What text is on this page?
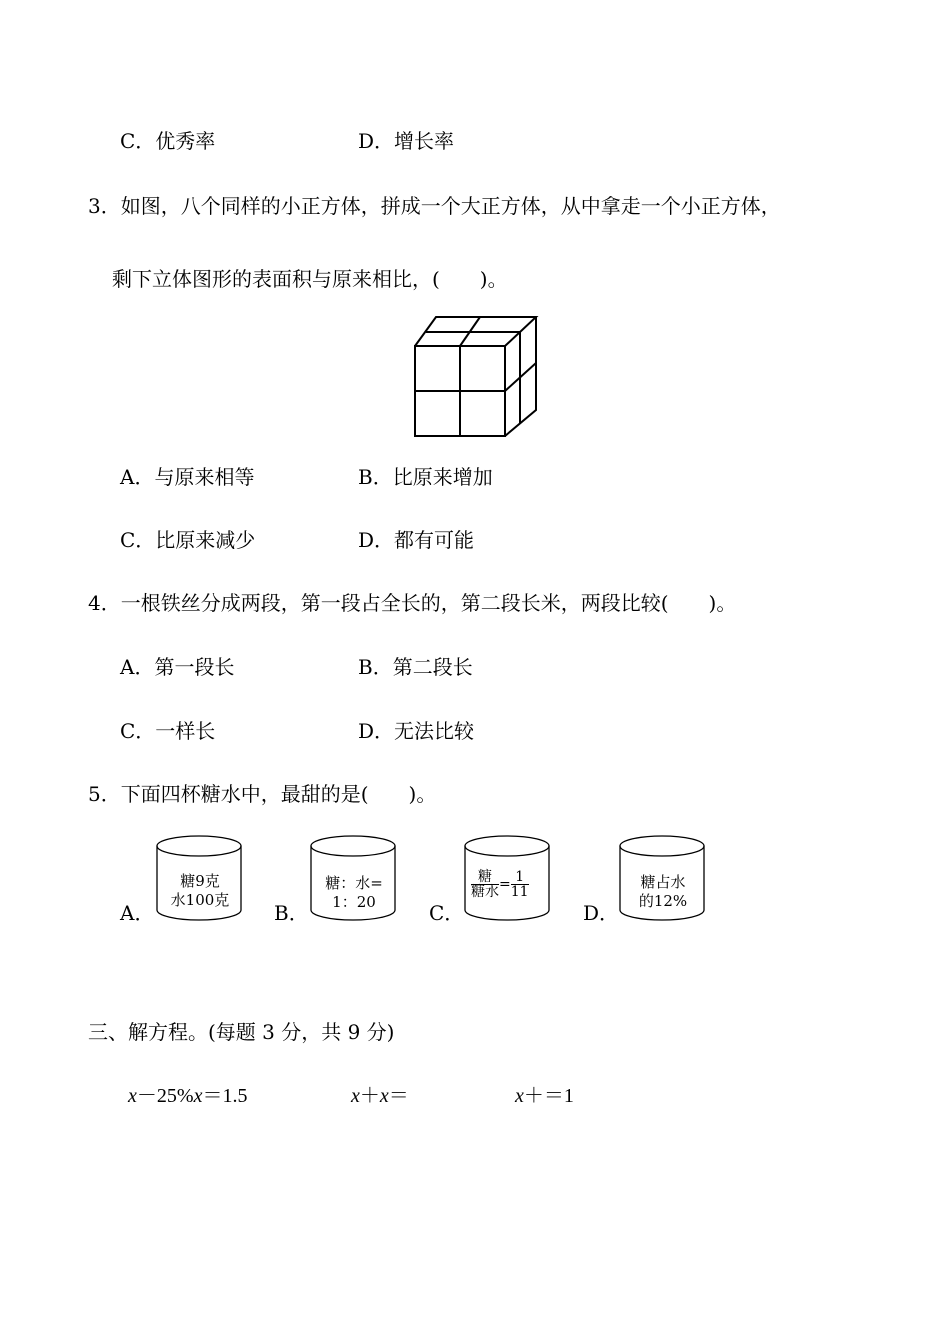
C．优秀率	D．增长率
3．如图，八个同样的小正方体，拼成一个大正方体，从中拿走一个小正方体，
剩下立体图形的表面积与原来相比，(　　)。
A．与原来相等	B．比原来增加
C．比原来减少	D．都有可能
4．一根铁丝分成两段，第一段占全长的，第二段长米，两段比较(　　)。
A．第一段长	B．第二段长
C．一样长	D．无法比较
5．下面四杯糖水中，最甜的是(　　)。
A．
糖9克
水100克
B．
糖：水=
1：20	C．
$\frac{\text{糖}}{\text{糖水}} = \frac{1}{11}$
D．
糖占水
的12%
三、解方程。(每题 3 分，共 9 分)
x－25%x＝1.5	x＋x＝	x＋＝1
